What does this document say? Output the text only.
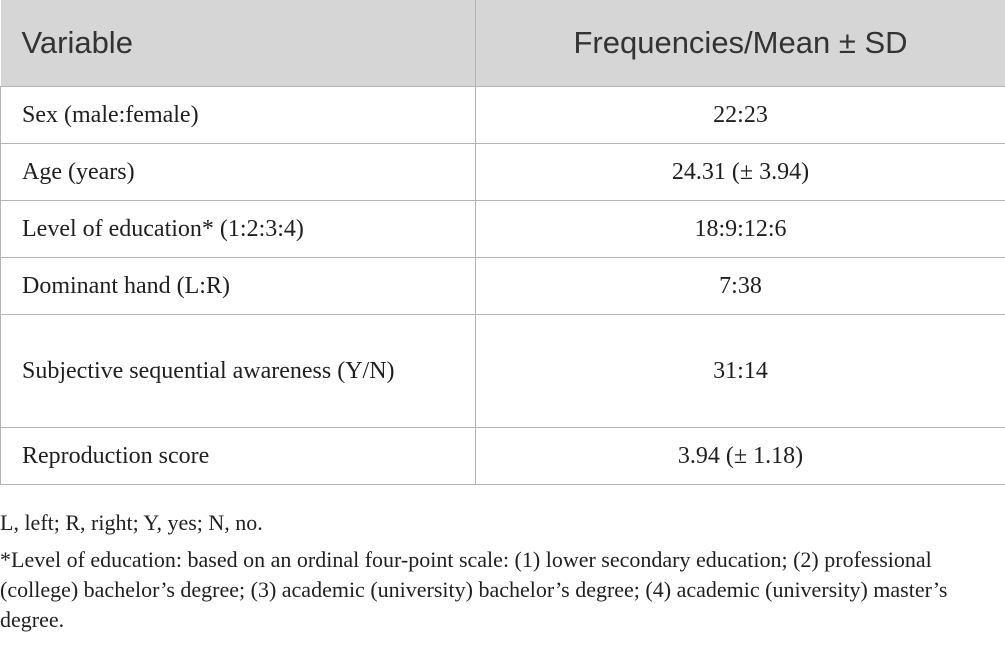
Variable	Frequencies/Mean ± SD
Sex (male:female)	22:23
Age (years)	24.31 (± 3.94)
Level of education* (1:2:3:4)	18:9:12:6
Dominant hand (L:R)	7:38
Subjective sequential awareness (Y/N)	31:14
Reproduction score	3.94 (± 1.18)

L, left; R, right; Y, yes; N, no.

*Level of education: based on an ordinal four-point scale: (1) lower secondary education; (2) professional (college) bachelor’s degree; (3) academic (university) bachelor’s degree; (4) academic (university) master’s degree.
